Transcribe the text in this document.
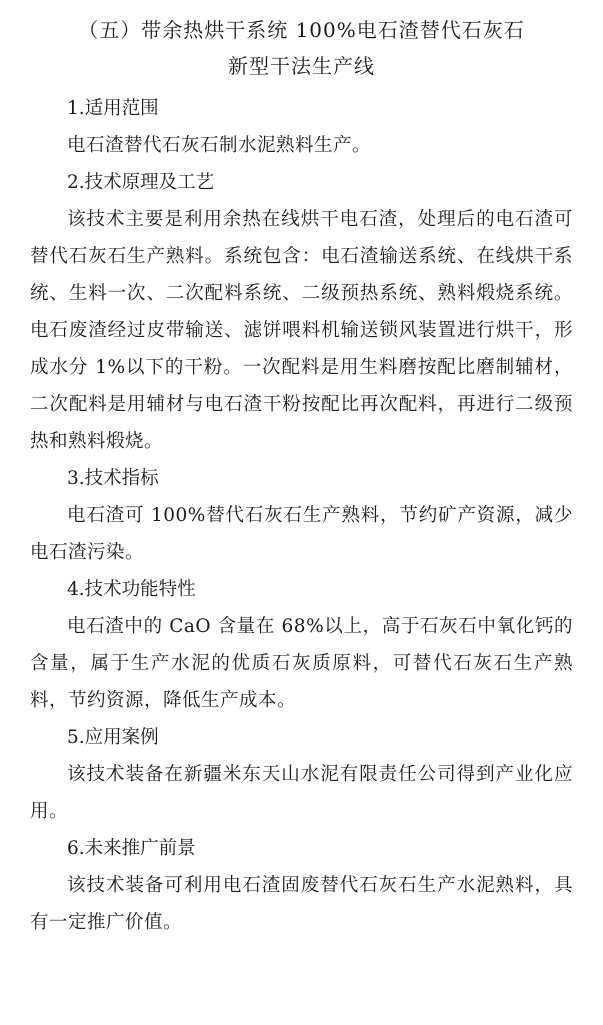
（五）带余热烘干系统 100%电石渣替代石灰石
新型干法生产线

1.适用范围

电石渣替代石灰石制水泥熟料生产。

2.技术原理及工艺

该技术主要是利用余热在线烘干电石渣，处理后的电石渣可替代石灰石生产熟料。系统包含：电石渣输送系统、在线烘干系统、生料一次、二次配料系统、二级预热系统、熟料煅烧系统。电石废渣经过皮带输送、滤饼喂料机输送锁风装置进行烘干，形成水分 1%以下的干粉。一次配料是用生料磨按配比磨制辅材，二次配料是用辅材与电石渣干粉按配比再次配料，再进行二级预热和熟料煅烧。

3.技术指标

电石渣可 100%替代石灰石生产熟料，节约矿产资源，减少电石渣污染。

4.技术功能特性

电石渣中的 CaO 含量在 68%以上，高于石灰石中氧化钙的含量，属于生产水泥的优质石灰质原料，可替代石灰石生产熟料，节约资源，降低生产成本。

5.应用案例

该技术装备在新疆米东天山水泥有限责任公司得到产业化应用。

6.未来推广前景

该技术装备可利用电石渣固废替代石灰石生产水泥熟料，具有一定推广价值。
